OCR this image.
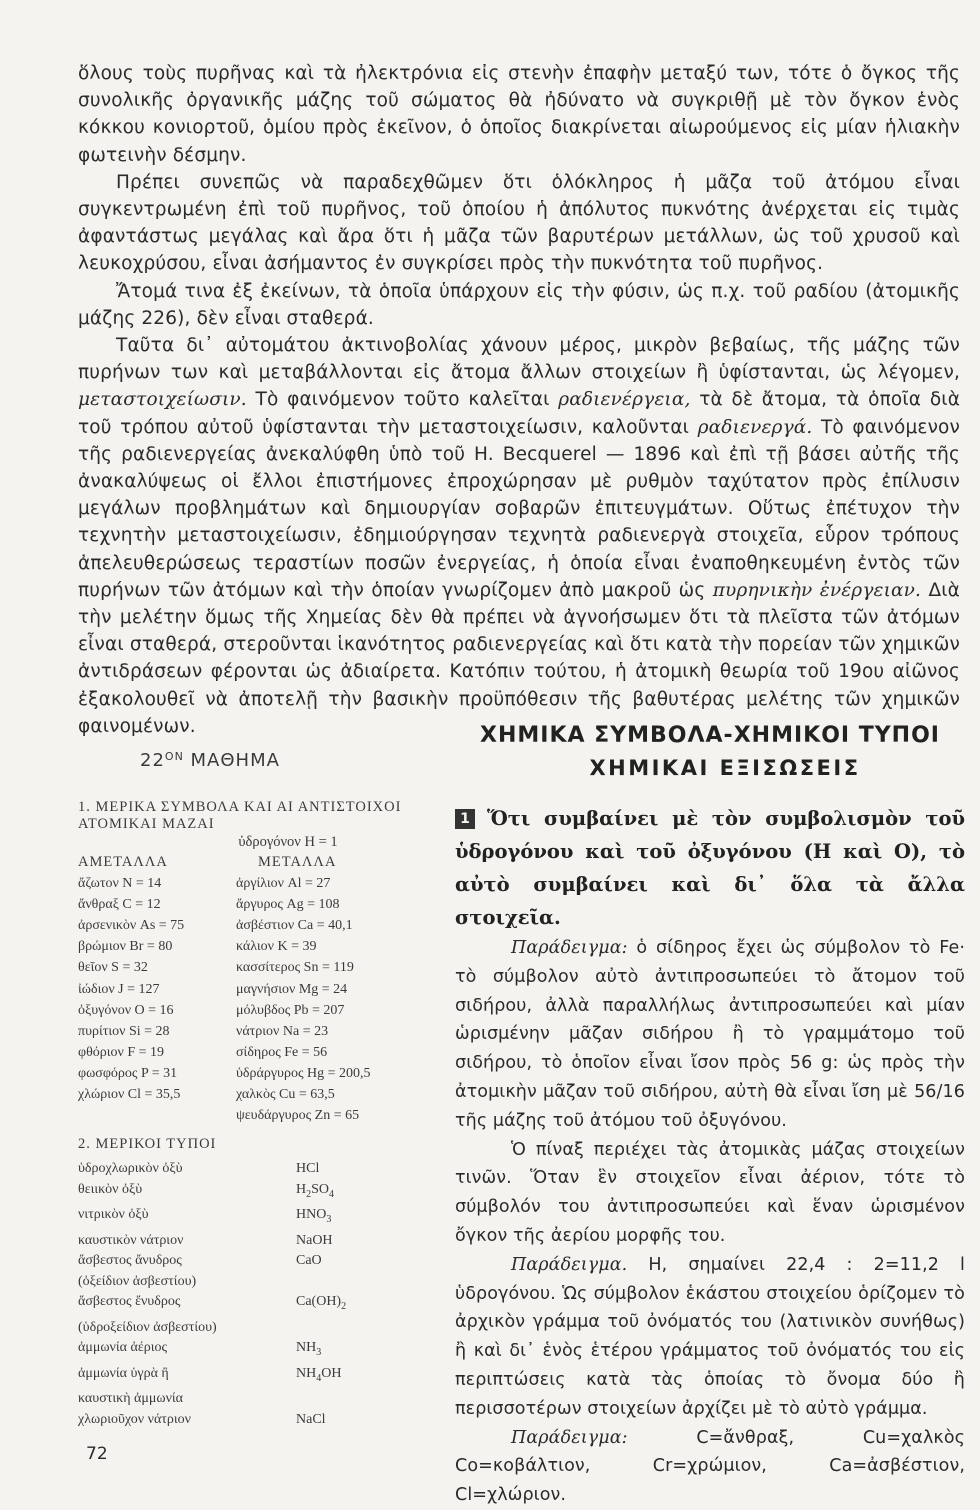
ὅλους τοὺς πυρῆνας καὶ τὰ ἠλεκτρόνια εἰς στενὴν ἐπαφὴν μεταξύ των, τότε ὁ ὄγκος τῆς συνολικῆς ὀργανικῆς μάζης τοῦ σώματος θὰ ἠδύνατο νὰ συγκριθῇ μὲ τὸν ὄγκον ἑνὸς κόκκου κονιορτοῦ, ὁμίου πρὸς ἐκεῖνον, ὁ ὁποῖος διακρίνεται αἰωρούμενος εἰς μίαν ἡλιακὴν φωτεινὴν δέσμην.

Πρέπει συνεπῶς νὰ παραδεχθῶμεν ὅτι ὁλόκληρος ἡ μᾶζα τοῦ ἀτόμου εἶναι συγκεντρωμένη ἐπὶ τοῦ πυρῆνος, τοῦ ὁποίου ἡ ἀπόλυτος πυκνότης ἀνέρχεται εἰς τιμὰς ἀφαντάστως μεγάλας καὶ ἄρα ὅτι ἡ μᾶζα τῶν βαρυτέρων μετάλλων, ὡς τοῦ χρυσοῦ καὶ λευκοχρύσου, εἶναι ἀσήμαντος ἐν συγκρίσει πρὸς τὴν πυκνότητα τοῦ πυρῆνος.

Ἄτομά τινα ἐξ ἐκείνων, τὰ ὁποῖα ὑπάρχουν εἰς τὴν φύσιν, ὡς π.χ. τοῦ ραδίου (ἀτομικῆς μάζης 226), δὲν εἶναι σταθερά.

Ταῦτα δι᾿ αὐτομάτου ἀκτινοβολίας χάνουν μέρος, μικρὸν βεβαίως, τῆς μάζης τῶν πυρήνων των καὶ μεταβάλλονται εἰς ἄτομα ἄλλων στοιχείων ἢ ὑφίστανται, ὡς λέγομεν, μεταστοιχείωσιν. Τὸ φαινόμενον τοῦτο καλεῖται ραδιενέργεια, τὰ δὲ ἄτομα, τὰ ὁποῖα διὰ τοῦ τρόπου αὐτοῦ ὑφίστανται τὴν μεταστοιχείωσιν, καλοῦνται ραδιενεργά. Τὸ φαινόμενον τῆς ραδιενεργείας ἀνεκαλύφθη ὑπὸ τοῦ H. Becquerel — 1896 καὶ ἐπὶ τῇ βάσει αὐτῆς τῆς ἀνακαλύψεως οἱ ἔλλοι ἐπιστήμονες ἐπροχώρησαν μὲ ρυθμὸν ταχύτατον πρὸς ἐπίλυσιν μεγάλων προβλημάτων καὶ δημιουργίαν σοβαρῶν ἐπιτευγμάτων. Οὕτως ἐπέτυχον τὴν τεχνητὴν μεταστοιχείωσιν, ἐδημιούργησαν τεχνητὰ ραδιενεργὰ στοιχεῖα, εὗρον τρόπους ἀπελευθερώσεως τεραστίων ποσῶν ἐνεργείας, ἡ ὁποία εἶναι ἐναποθηκευμένη ἐντὸς τῶν πυρήνων τῶν ἀτόμων καὶ τὴν ὁποίαν γνωρίζομεν ἀπὸ μακροῦ ὡς πυρηνικὴν ἐνέργειαν. Διὰ τὴν μελέτην ὅμως τῆς Χημείας δὲν θὰ πρέπει νὰ ἀγνοήσωμεν ὅτι τὰ πλεῖστα τῶν ἀτόμων εἶναι σταθερά, στεροῦνται ἱκανότητος ραδιενεργείας καὶ ὅτι κατὰ τὴν πορείαν τῶν χημικῶν ἀντιδράσεων φέρονται ὡς ἀδιαίρετα. Κατόπιν τούτου, ἡ ἀτομικὴ θεωρία τοῦ 19ου αἰῶνος ἐξακολουθεῖ νὰ ἀποτελῇ τὴν βασικὴν προϋπόθεσιν τῆς βαθυτέρας μελέτης τῶν χημικῶν φαινομένων.

$22^{ON}$ ΜΑΘΗΜΑ

1. ΜΕΡΙΚΑ ΣΥΜΒΟΛΑ ΚΑΙ ΑΙ ΑΝΤΙΣΤΟΙΧΟΙ ΑΤΟΜΙΚΑΙ ΜΑΖΑΙ

ὑδρογόνον H = 1

ΑΜΕΤΑΛΛΑ	ΜΕΤΑΛΛΑ
ἄζωτον N = 14	ἀργίλιον Al = 27
ἄνθραξ C = 12	ἄργυρος Ag = 108
ἀρσενικὸν As = 75	ἀσβέστιον Ca = 40,1
βρώμιον Br = 80	κάλιον K = 39
θεῖον S = 32	κασσίτερος Sn = 119
ἰώδιον J = 127	μαγνήσιον Mg = 24
ὀξυγόνον O = 16	μόλυβδος Pb = 207
πυρίτιον Si = 28	νάτριον Na = 23
φθόριον F = 19	σίδηρος Fe = 56
φωσφόρος P = 31	ὑδράργυρος Hg = 200,5
χλώριον Cl = 35,5	χαλκὸς Cu = 63,5
	ψευδάργυρος Zn = 65

2. ΜΕΡΙΚΟΙ ΤΥΠΟΙ

ὑδροχλωρικὸν ὀξὺ	HCl
θειικὸν ὀξὺ	$H_2SO_4$
νιτρικὸν ὀξὺ	$HNO_3$
καυστικὸν νάτριον	NaOH
ἄσβεστος ἄνυδρος	CaO
(ὀξείδιον ἀσβεστίου)	
ἄσβεστος ἔνυδρος	$Ca(OH)_2$
(ὑδροξείδιον ἀσβεστίου)	
ἀμμωνία ἀέριος	$NH_3$
ἀμμωνία ὑγρὰ ἢ	$NH_4OH$
καυστικὴ ἀμμωνία	
χλωριοῦχον νάτριον	NaCl
72
ΧΗΜΙΚΑ ΣΥΜΒΟΛΑ-ΧΗΜΙΚΟΙ ΤΥΠΟΙ
ΧΗΜΙΚΑΙ ΕΞΙΣΩΣΕΙΣ
1 Ὅτι συμβαίνει μὲ τὸν συμβολισμὸν τοῦ ὑδρογόνου καὶ τοῦ ὀξυγόνου (H καὶ O), τὸ αὐτὸ συμβαίνει καὶ δι᾿ ὅλα τὰ ἄλλα στοιχεῖα.

Παράδειγμα: ὁ σίδηρος ἔχει ὡς σύμβολον τὸ Fe· τὸ σύμβολον αὐτὸ ἀντιπροσωπεύει τὸ ἄτομον τοῦ σιδήρου, ἀλλὰ παραλλήλως ἀντιπροσωπεύει καὶ μίαν ὡρισμένην μᾶζαν σιδήρου ἢ τὸ γραμμάτομο τοῦ σιδήρου, τὸ ὁποῖον εἶναι ἴσον πρὸς 56 g: ὡς πρὸς τὴν ἀτομικὴν μᾶζαν τοῦ σιδήρου, αὐτὴ θὰ εἶναι ἴση μὲ 56/16 τῆς μάζης τοῦ ἀτόμου τοῦ ὀξυγόνου.

Ὁ πίναξ περιέχει τὰς ἀτομικὰς μάζας στοιχείων τινῶν. Ὅταν ἓν στοιχεῖον εἶναι ἀέριον, τότε τὸ σύμβολόν του ἀντιπροσωπεύει καὶ ἕναν ὡρισμένον ὄγκον τῆς ἀερίου μορφῆς του.

Παράδειγμα. H, σημαίνει 22,4 : 2=11,2 l ὑδρογόνου. Ὡς σύμβολον ἑκάστου στοιχείου ὁρίζομεν τὸ ἀρχικὸν γράμμα τοῦ ὀνόματός του (λατινικὸν συνήθως) ἢ καὶ δι᾿ ἑνὸς ἑτέρου γράμματος τοῦ ὀνόματός του εἰς περιπτώσεις κατὰ τὰς ὁποίας τὸ ὄνομα δύο ἢ περισσοτέρων στοιχείων ἀρχίζει μὲ τὸ αὐτὸ γράμμα.

Παράδειγμα:	C=ἄνθραξ, Cu=χαλκὸς Co=κοβάλτιον, Cr=χρώμιον, Ca=ἀσβέστιον, Cl=χλώριον.
